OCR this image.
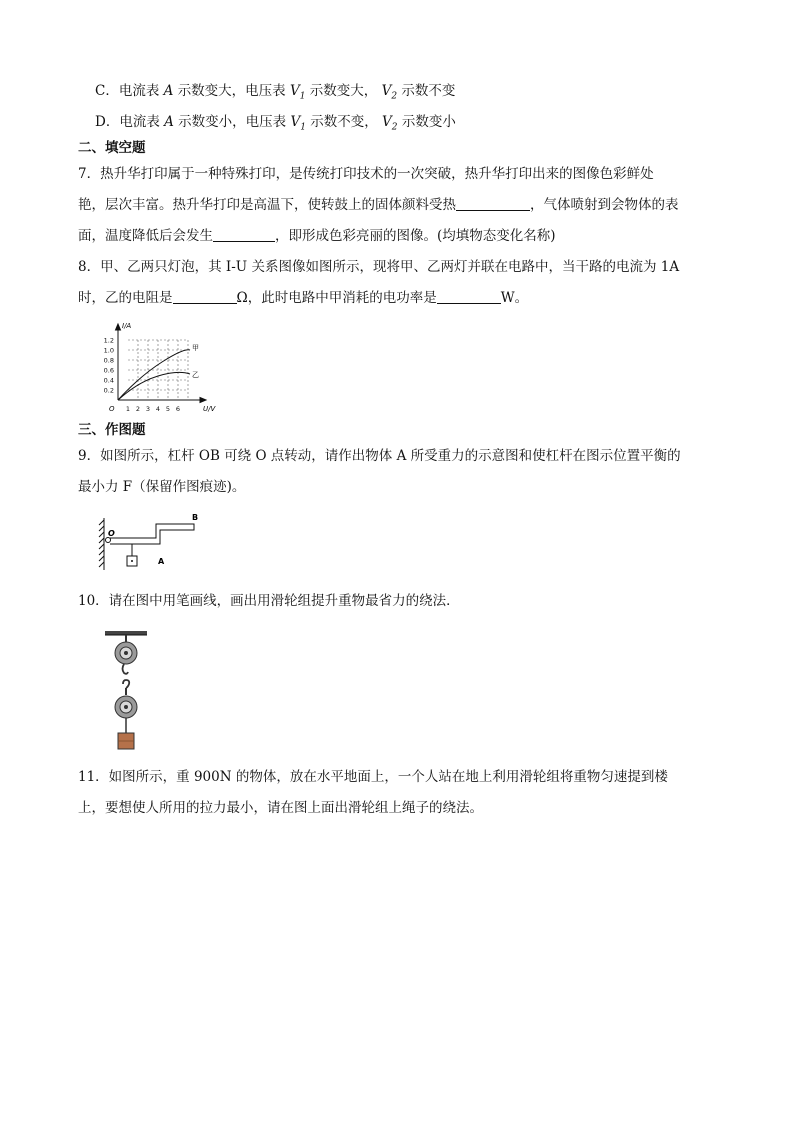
C．电流表 A 示数变大，电压表 $V_1$ 示数变大， $V_2$ 示数不变
D．电流表 A 示数变小，电压表 $V_1$ 示数不变， $V_2$ 示数变小
二、填空题
7．热升华打印属于一种特殊打印，是传统打印技术的一次突破，热升华打印出来的图像色彩鲜处
艳，层次丰富。热升华打印是高温下，使转鼓上的固体颜料受热	，气体喷射到会物体的表
面，温度降低后会发生	，即形成色彩亮丽的图像。(均填物态变化名称)
8．甲、乙两只灯泡，其 I-U 关系图像如图所示，现将甲、乙两灯并联在电路中，当干路的电流为 1A
时，乙的电阻是	Ω，此时电路中甲消耗的电功率是	W。
I/A
U/V
O
0.2
0.4
0.6
0.8
1.0
1.2
1 2 3 4 5 6
甲
乙
三、作图题
9．如图所示，杠杆 OB 可绕 O 点转动，请作出物体 A 所受重力的示意图和使杠杆在图示位置平衡的
最小力 F（保留作图痕迹)。
O
A
B
10．请在图中用笔画线，画出用滑轮组提升重物最省力的绕法．
11．如图所示，重 900N 的物体，放在水平地面上，一个人站在地上利用滑轮组将重物匀速提到楼
上，要想使人所用的拉力最小，请在图上面出滑轮组上绳子的绕法。
